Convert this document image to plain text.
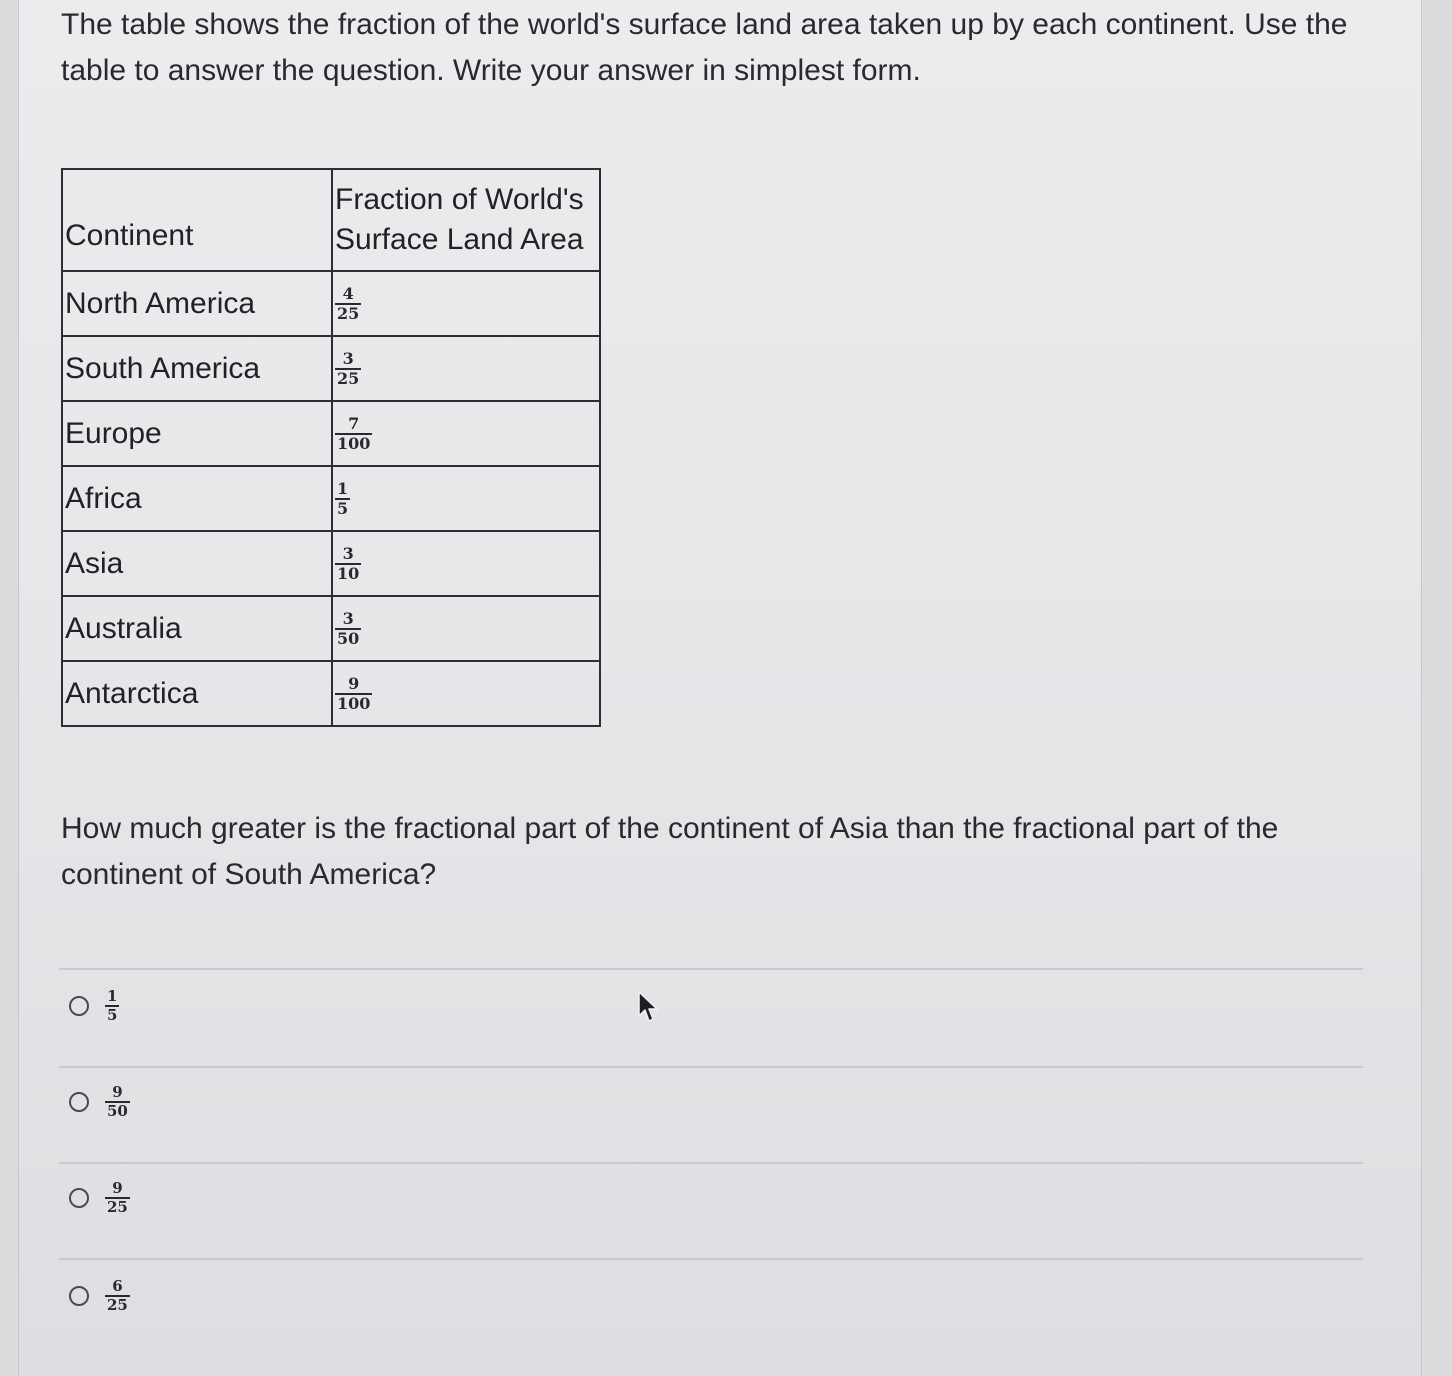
The table shows the fraction of the world's surface land area taken up by each continent. Use the table to answer the question. Write your answer in simplest form.

Continent	Fraction of World's
Surface Land Area
North America	$\frac{4}{25}$

South America	$\frac{3}{25}$

Europe	$\frac{7}{100}$

Africa	$\frac{1}{5}$

Asia	$\frac{3}{10}$

Australia	$\frac{3}{50}$

Antarctica	$\frac{9}{100}$

How much greater is the fractional part of the continent of Asia than the fractional part of the continent of South America?

$\frac{1}{5}$
$\frac{9}{50}$
$\frac{9}{25}$
$\frac{6}{25}$
